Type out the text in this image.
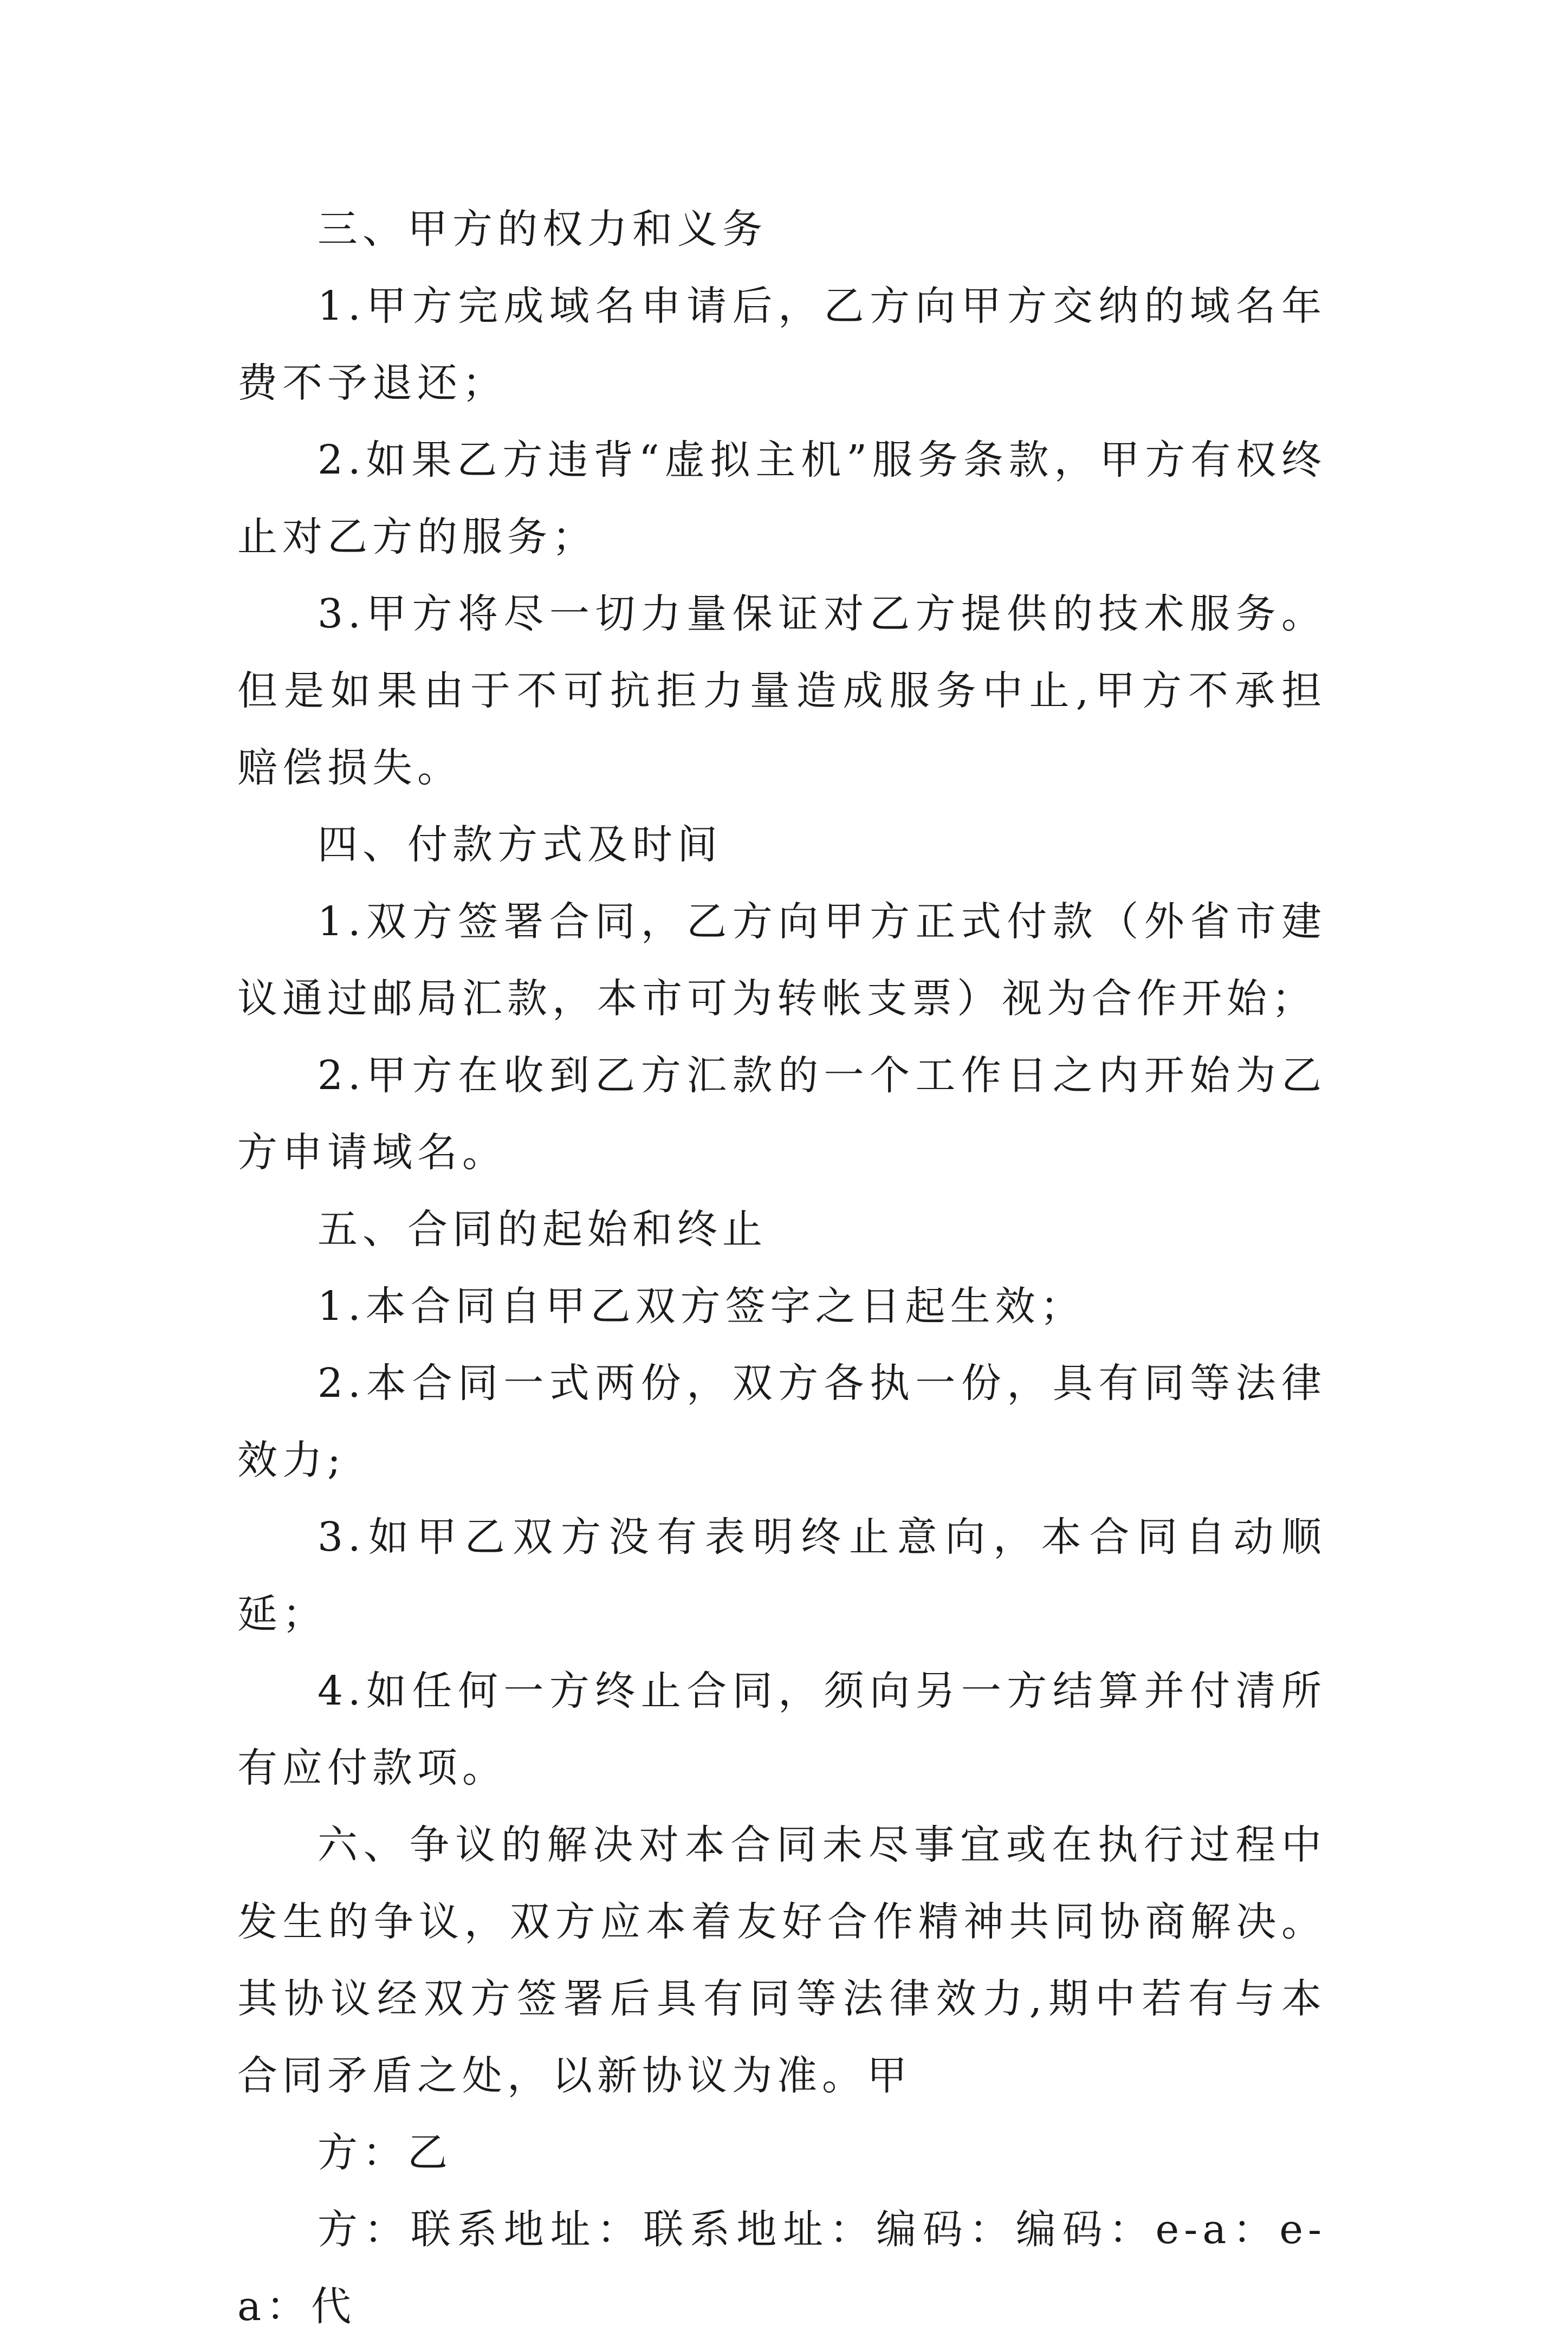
三、甲方的权力和义务

1.甲方完成域名申请后，乙方向甲方交纳的域名年费不予退还；

2.如果乙方违背“虚拟主机”服务条款，甲方有权终止对乙方的服务；

3.甲方将尽一切力量保证对乙方提供的技术服务。但是如果由于不可抗拒力量造成服务中止,甲方不承担赔偿损失。

四、付款方式及时间

1.双方签署合同，乙方向甲方正式付款（外省市建议通过邮局汇款，本市可为转帐支票）视为合作开始；

2.甲方在收到乙方汇款的一个工作日之内开始为乙方申请域名。

五、合同的起始和终止

1.本合同自甲乙双方签字之日起生效；

2.本合同一式两份，双方各执一份，具有同等法律效力;

3.如甲乙双方没有表明终止意向，本合同自动顺延；

4.如任何一方终止合同，须向另一方结算并付清所有应付款项。

六、争议的解决对本合同未尽事宜或在执行过程中发生的争议，双方应本着友好合作精神共同协商解决。其协议经双方签署后具有同等法律效力,期中若有与本合同矛盾之处，以新协议为准。甲

方：乙

方：联系地址：联系地址：编码：编码：e-a：e-a：代
